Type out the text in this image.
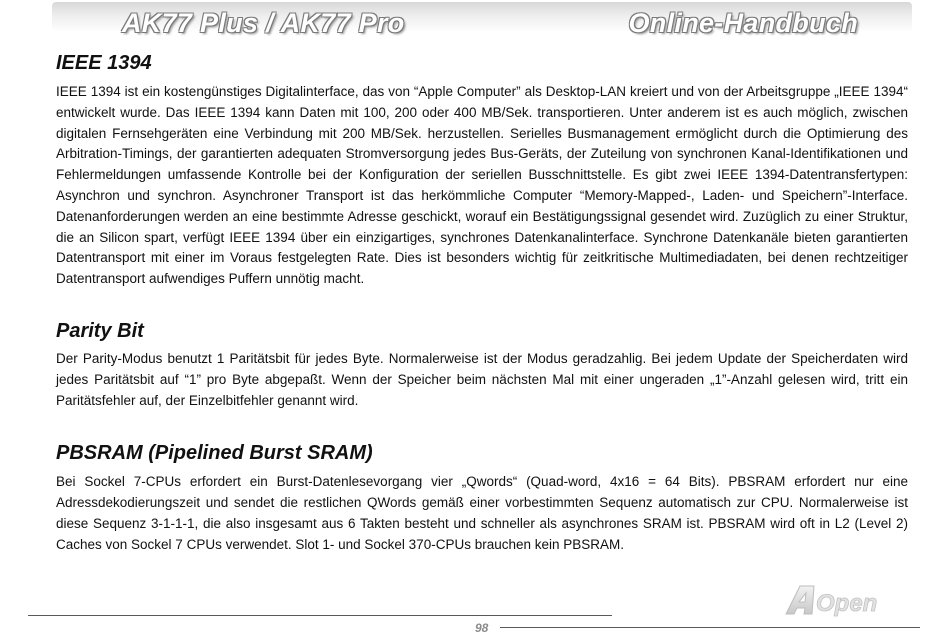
AK77 Plus / AK77 Pro	Online-Handbuch
IEEE 1394

IEEE 1394 ist ein kostengünstiges Digitalinterface, das von “Apple Computer” als Desktop-LAN kreiert und von der Arbeitsgruppe „IEEE 1394“ entwickelt wurde. Das IEEE 1394 kann Daten mit 100, 200 oder 400 MB/Sek. transportieren. Unter anderem ist es auch möglich, zwischen digitalen Fernsehgeräten eine Verbindung mit 200 MB/Sek. herzustellen. Serielles Busmanagement ermöglicht durch die Optimierung des Arbitration-Timings, der garantierten adequaten Stromversorgung jedes Bus-Geräts, der Zuteilung von synchronen Kanal-Identifikationen und Fehlermeldungen umfassende Kontrolle bei der Konfiguration der seriellen Busschnittstelle. Es gibt zwei IEEE 1394-Datentransfertypen: Asynchron und synchron. Asynchroner Transport ist das herkömmliche Computer “Memory-Mapped-, Laden- und Speichern”-Interface. Datenanforderungen werden an eine bestimmte Adresse geschickt, worauf ein Bestätigungssignal gesendet wird. Zuzüglich zu einer Struktur, die an Silicon spart, verfügt IEEE 1394 über ein einzigartiges, synchrones Datenkanalinterface. Synchrone Datenkanäle bieten garantierten Datentransport mit einer im Voraus festgelegten Rate. Dies ist besonders wichtig für zeitkritische Multimediadaten, bei denen rechtzeitiger Datentransport aufwendiges Puffern unnötig macht.

Parity Bit

Der Parity-Modus benutzt 1 Paritätsbit für jedes Byte. Normalerweise ist der Modus geradzahlig. Bei jedem Update der Speicherdaten wird jedes Paritätsbit auf “1” pro Byte abgepaßt. Wenn der Speicher beim nächsten Mal mit einer ungeraden „1”-Anzahl gelesen wird, tritt ein Paritätsfehler auf, der Einzelbitfehler genannt wird.

PBSRAM (Pipelined Burst SRAM)

Bei Sockel 7-CPUs erfordert ein Burst-Datenlesevorgang vier „Qwords“ (Quad-word, 4x16 = 64 Bits). PBSRAM erfordert nur eine Adressdekodierungszeit und sendet die restlichen QWords gemäß einer vorbestimmten Sequenz automatisch zur CPU. Normalerweise ist diese Sequenz 3-1-1-1, die also insgesamt aus 6 Takten besteht und schneller als asynchrones SRAM ist. PBSRAM wird oft in L2 (Level 2) Caches von Sockel 7 CPUs verwendet. Slot 1- und Sockel 370-CPUs brauchen kein PBSRAM.

Open
98
